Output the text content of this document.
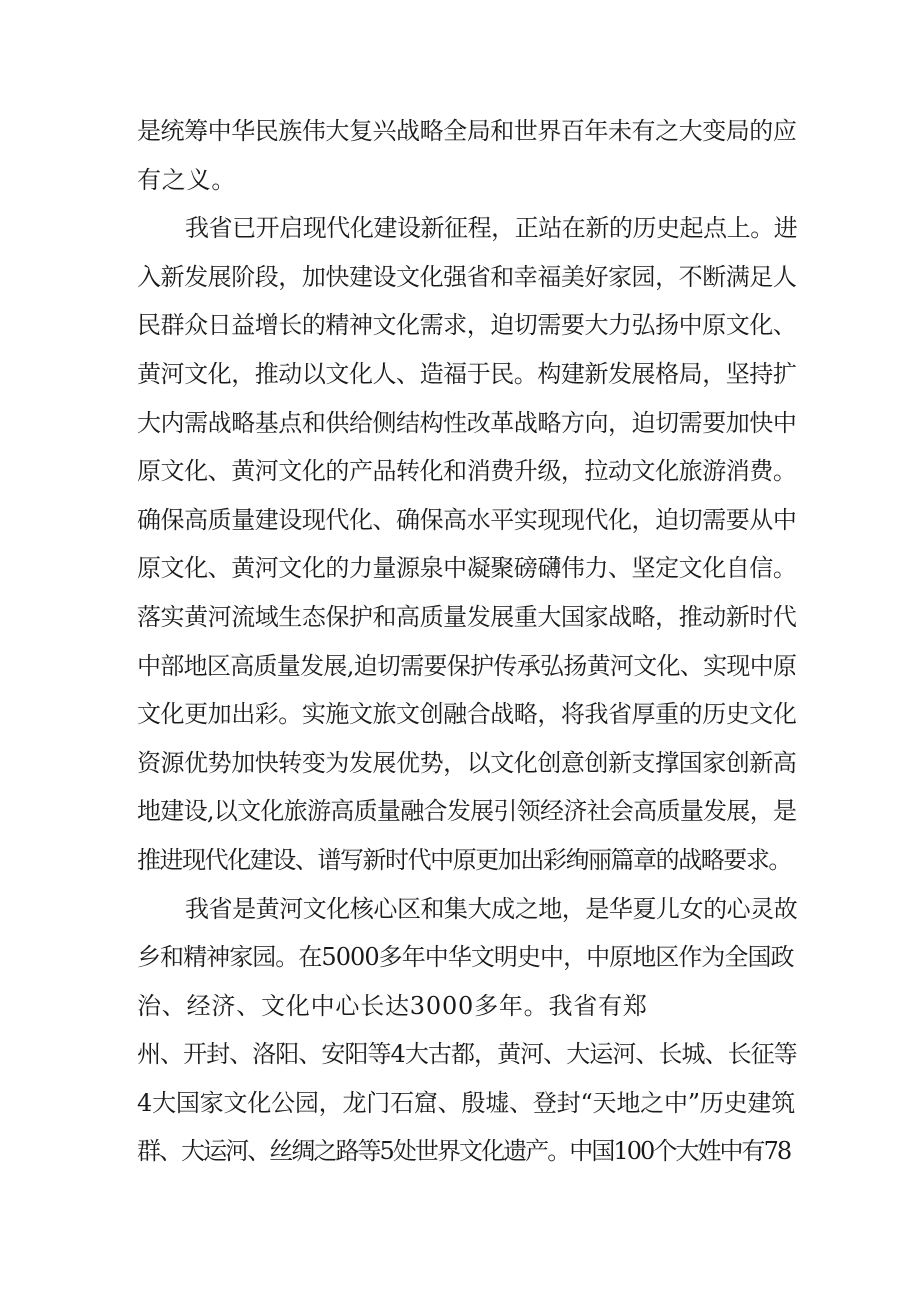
是统筹中华民族伟大复兴战略全局和世界百年未有之大变局的应
有之义。
我省已开启现代化建设新征程，正站在新的历史起点上。进
入新发展阶段，加快建设文化强省和幸福美好家园，不断满足人
民群众日益增长的精神文化需求，迫切需要大力弘扬中原文化、
黄河文化，推动以文化人、造福于民。构建新发展格局，坚持扩
大内需战略基点和供给侧结构性改革战略方向，迫切需要加快中
原文化、黄河文化的产品转化和消费升级，拉动文化旅游消费。
确保高质量建设现代化、确保高水平实现现代化，迫切需要从中
原文化、黄河文化的力量源泉中凝聚磅礴伟力、坚定文化自信。
落实黄河流域生态保护和高质量发展重大国家战略，推动新时代
中部地区高质量发展,迫切需要保护传承弘扬黄河文化、实现中原
文化更加出彩。实施文旅文创融合战略，将我省厚重的历史文化
资源优势加快转变为发展优势，以文化创意创新支撑国家创新高
地建设,以文化旅游高质量融合发展引领经济社会高质量发展，是
推进现代化建设、谱写新时代中原更加出彩绚丽篇章的战略要求。
我省是黄河文化核心区和集大成之地，是华夏儿女的心灵故
乡和精神家园。在5000多年中华文明史中，中原地区作为全国政
治、经济、文化中心长达3000多年。我省有郑
州、开封、洛阳、安阳等4大古都，黄河、大运河、长城、长征等
4大国家文化公园，龙门石窟、殷墟、登封“天地之中”历史建筑
群、大运河、丝绸之路等5处世界文化遗产。中国100个大姓中有78
